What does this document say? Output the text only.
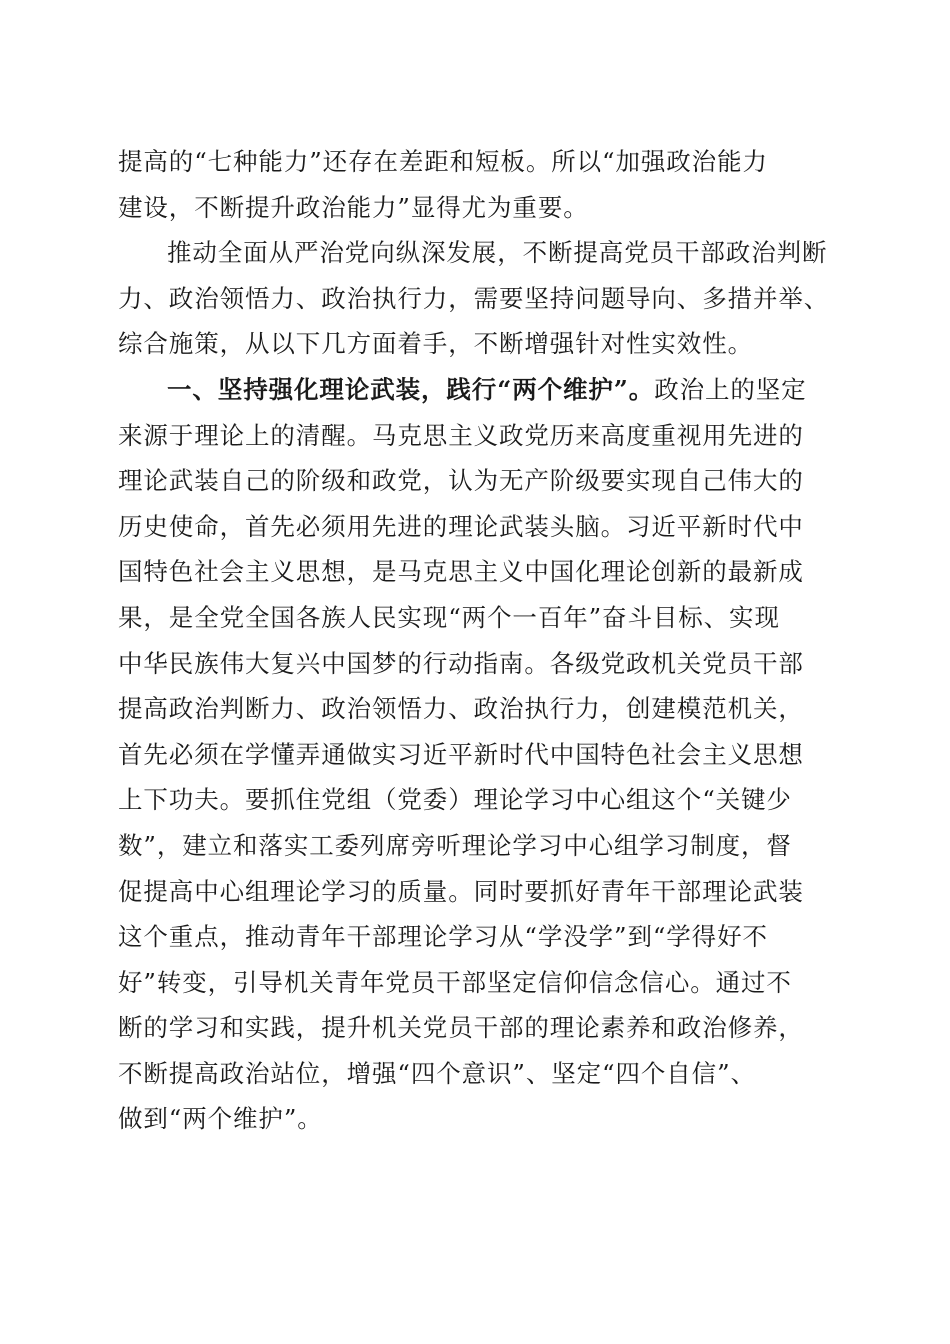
提高的“七种能力”还存在差距和短板。所以“加强政治能力
建设，不断提升政治能力”显得尤为重要。
推动全面从严治党向纵深发展，不断提高党员干部政治判断
力、政治领悟力、政治执行力，需要坚持问题导向、多措并举、
综合施策，从以下几方面着手，不断增强针对性实效性。
一、坚持强化理论武装，践行“两个维护”。政治上的坚定
来源于理论上的清醒。马克思主义政党历来高度重视用先进的
理论武装自己的阶级和政党，认为无产阶级要实现自己伟大的
历史使命，首先必须用先进的理论武装头脑。习近平新时代中
国特色社会主义思想，是马克思主义中国化理论创新的最新成
果，是全党全国各族人民实现“两个一百年”奋斗目标、实现
中华民族伟大复兴中国梦的行动指南。各级党政机关党员干部
提高政治判断力、政治领悟力、政治执行力，创建模范机关，
首先必须在学懂弄通做实习近平新时代中国特色社会主义思想
上下功夫。要抓住党组（党委）理论学习中心组这个“关键少
数”，建立和落实工委列席旁听理论学习中心组学习制度，督
促提高中心组理论学习的质量。同时要抓好青年干部理论武装
这个重点，推动青年干部理论学习从“学没学”到“学得好不
好”转变，引导机关青年党员干部坚定信仰信念信心。通过不
断的学习和实践，提升机关党员干部的理论素养和政治修养，
不断提高政治站位，增强“四个意识”、坚定“四个自信”、
做到“两个维护”。
